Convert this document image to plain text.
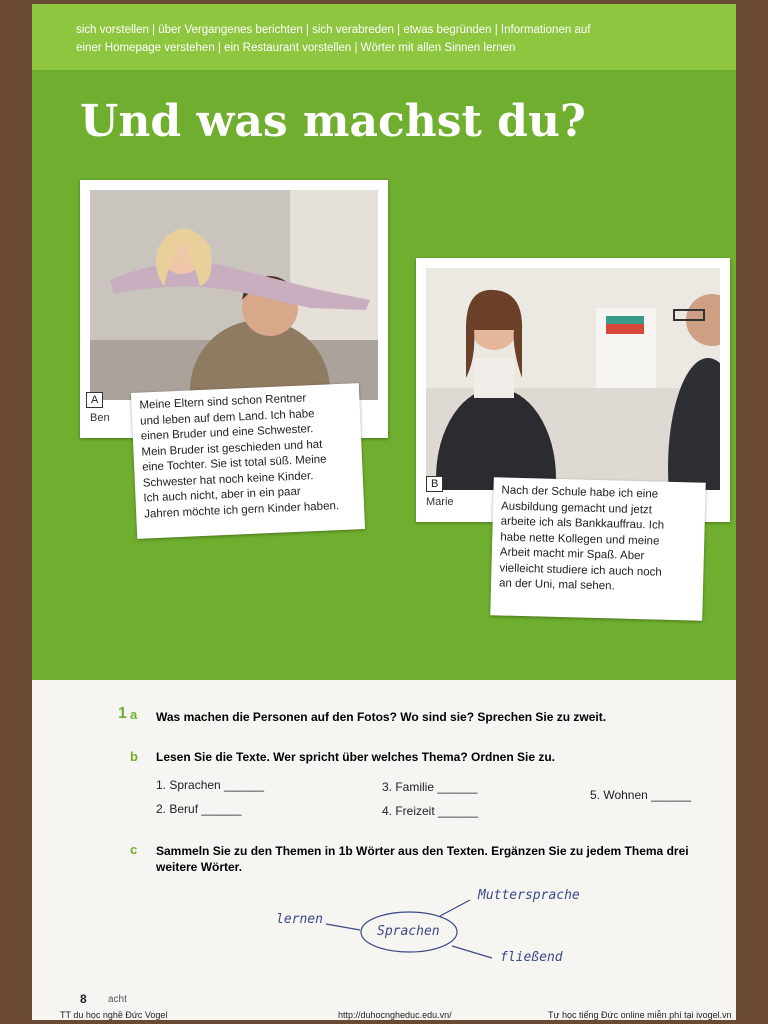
sich vorstellen | über Vergangenes berichten | sich verabreden | etwas begründen | Informationen auf
einer Homepage verstehen | ein Restaurant vorstellen | Wörter mit allen Sinnen lernen
Und was machst du?
A
Ben
Meine Eltern sind schon Rentner
und leben auf dem Land. Ich habe
einen Bruder und eine Schwester.
Mein Bruder ist geschieden und hat
eine Tochter. Sie ist total süß. Meine
Schwester hat noch keine Kinder.
Ich auch nicht, aber in ein paar
Jahren möchte ich gern Kinder haben.
B
Marie
Nach der Schule habe ich eine
Ausbildung gemacht und jetzt
arbeite ich als Bankkauffrau. Ich
habe nette Kollegen und meine
Arbeit macht mir Spaß. Aber
vielleicht studiere ich auch noch
an der Uni, mal sehen.
1 a Was machen die Personen auf den Fotos? Wo sind sie? Sprechen Sie zu zweit.
b Lesen Sie die Texte. Wer spricht über welches Thema? Ordnen Sie zu.
1. Sprachen ______
2. Beruf ______
3. Familie ______
4. Freizeit ______
5. Wohnen ______
c Sammeln Sie zu den Themen in 1b Wörter aus den Texten. Ergänzen Sie zu jedem Thema drei
weitere Wörter.
Sprachen
lernen
Muttersprache
fließend
8 acht
TT du học nghề Đức Vogel	http://duhocngheduc.edu.vn/	Tự học tiếng Đức online miễn phí tại ivogel.vn
